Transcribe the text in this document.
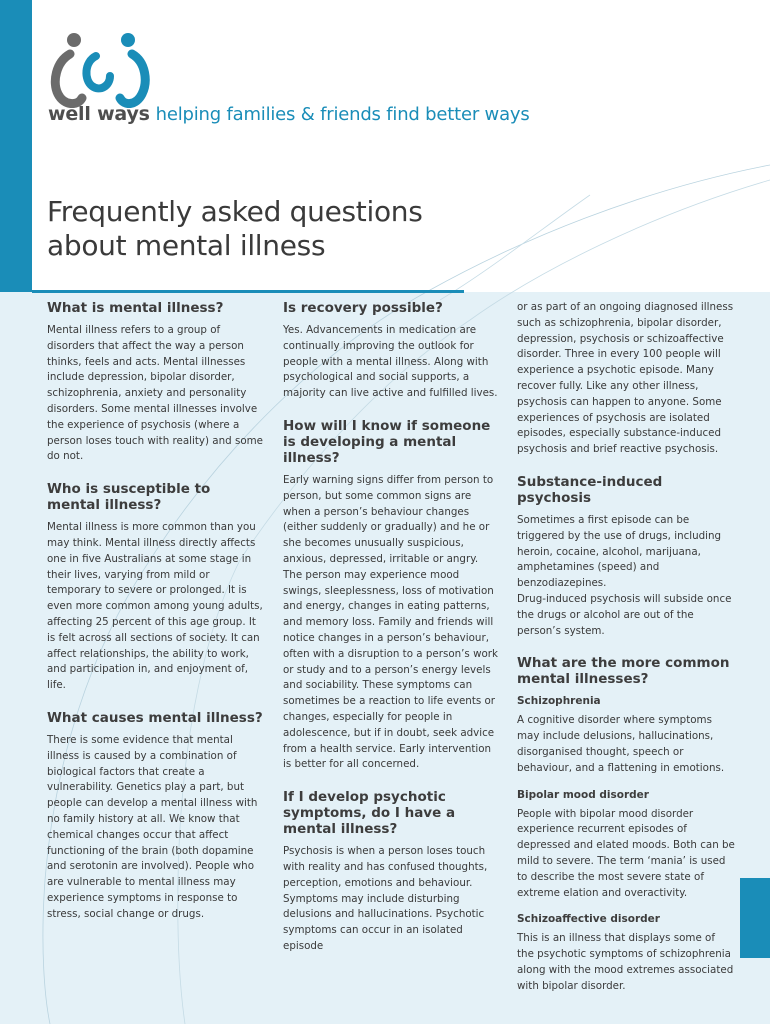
well ways helping families & friends find better ways
Frequently asked questions
about mental illness
What is mental illness?

Mental illness refers to a group of disorders that affect the way a person thinks, feels and acts. Mental illnesses include depression, bipolar disorder, schizophrenia, anxiety and personality disorders. Some mental illnesses involve the experience of psychosis (where a person loses touch with reality) and some do not.

Who is susceptible to mental illness?

Mental illness is more common than you may think. Mental illness directly affects one in five Australians at some stage in their lives, varying from mild or temporary to severe or prolonged. It is even more common among young adults, affecting 25 percent of this age group. It is felt across all sections of society. It can affect relationships, the ability to work, and participation in, and enjoyment of, life.

What causes mental illness?

There is some evidence that mental illness is caused by a combination of biological factors that create a vulnerability. Genetics play a part, but people can develop a mental illness with no family history at all. We know that chemical changes occur that affect functioning of the brain (both dopamine and serotonin are involved). People who are vulnerable to mental illness may experience symptoms in response to stress, social change or drugs.

Is recovery possible?

Yes. Advancements in medication are continually improving the outlook for people with a mental illness. Along with psychological and social supports, a majority can live active and fulfilled lives.

How will I know if someone is developing a mental illness?

Early warning signs differ from person to person, but some common signs are when a person’s behaviour changes (either suddenly or gradually) and he or she becomes unusually suspicious, anxious, depressed, irritable or angry. The person may experience mood swings, sleeplessness, loss of motivation and energy, changes in eating patterns, and memory loss. Family and friends will notice changes in a person’s behaviour, often with a disruption to a person’s work or study and to a person’s energy levels and sociability. These symptoms can sometimes be a reaction to life events or changes, especially for people in adolescence, but if in doubt, seek advice from a health service. Early intervention is better for all concerned.

If I develop psychotic symptoms, do I have a mental illness?

Psychosis is when a person loses touch with reality and has confused thoughts, perception, emotions and behaviour. Symptoms may include disturbing delusions and hallucinations. Psychotic symptoms can occur in an isolated episode

or as part of an ongoing diagnosed illness such as schizophrenia, bipolar disorder, depression, psychosis or schizoaffective disorder. Three in every 100 people will experience a psychotic episode. Many recover fully. Like any other illness, psychosis can happen to anyone. Some experiences of psychosis are isolated episodes, especially substance-induced psychosis and brief reactive psychosis.

Substance-induced psychosis

Sometimes a first episode can be triggered by the use of drugs, including heroin, cocaine, alcohol, marijuana, amphetamines (speed) and benzodiazepines.

Drug-induced psychosis will subside once the drugs or alcohol are out of the person’s system.

What are the more common mental illnesses?
Schizophrenia

A cognitive disorder where symptoms may include delusions, hallucinations, disorganised thought, speech or behaviour, and a flattening in emotions.

Bipolar mood disorder

People with bipolar mood disorder experience recurrent episodes of depressed and elated moods. Both can be mild to severe. The term ‘mania’ is used to describe the most severe state of extreme elation and overactivity.

Schizoaffective disorder

This is an illness that displays some of the psychotic symptoms of schizophrenia along with the mood extremes associated with bipolar disorder.
